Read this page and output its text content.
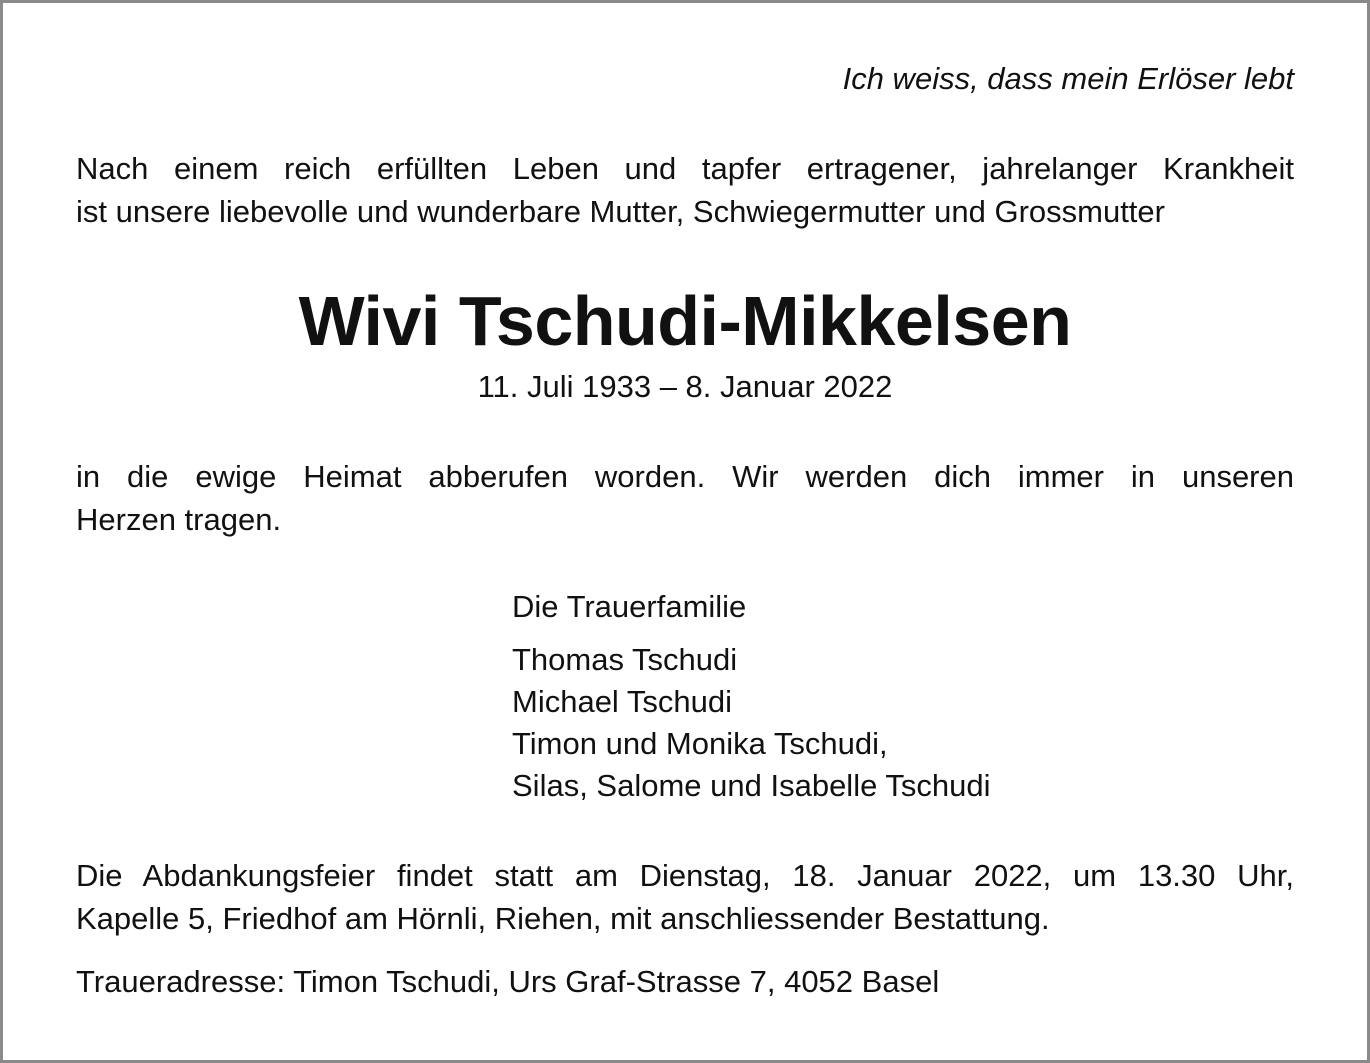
Ich weiss, dass mein Erlöser lebt
Nach einem reich erfüllten Leben und tapfer ertragener, jahrelanger Krankheit
ist unsere liebevolle und wunderbare Mutter, Schwiegermutter und Grossmutter
Wivi Tschudi-Mikkelsen
11. Juli 1933 – 8. Januar 2022
in die ewige Heimat abberufen worden. Wir werden dich immer in unseren
Herzen tragen.
Die Trauerfamilie
Thomas Tschudi
Michael Tschudi
Timon und Monika Tschudi,
Silas, Salome und Isabelle Tschudi
Die Abdankungsfeier findet statt am Dienstag, 18. Januar 2022, um 13.30 Uhr,
Kapelle 5, Friedhof am Hörnli, Riehen, mit anschliessender Bestattung.
Traueradresse: Timon Tschudi, Urs Graf-Strasse 7, 4052 Basel
